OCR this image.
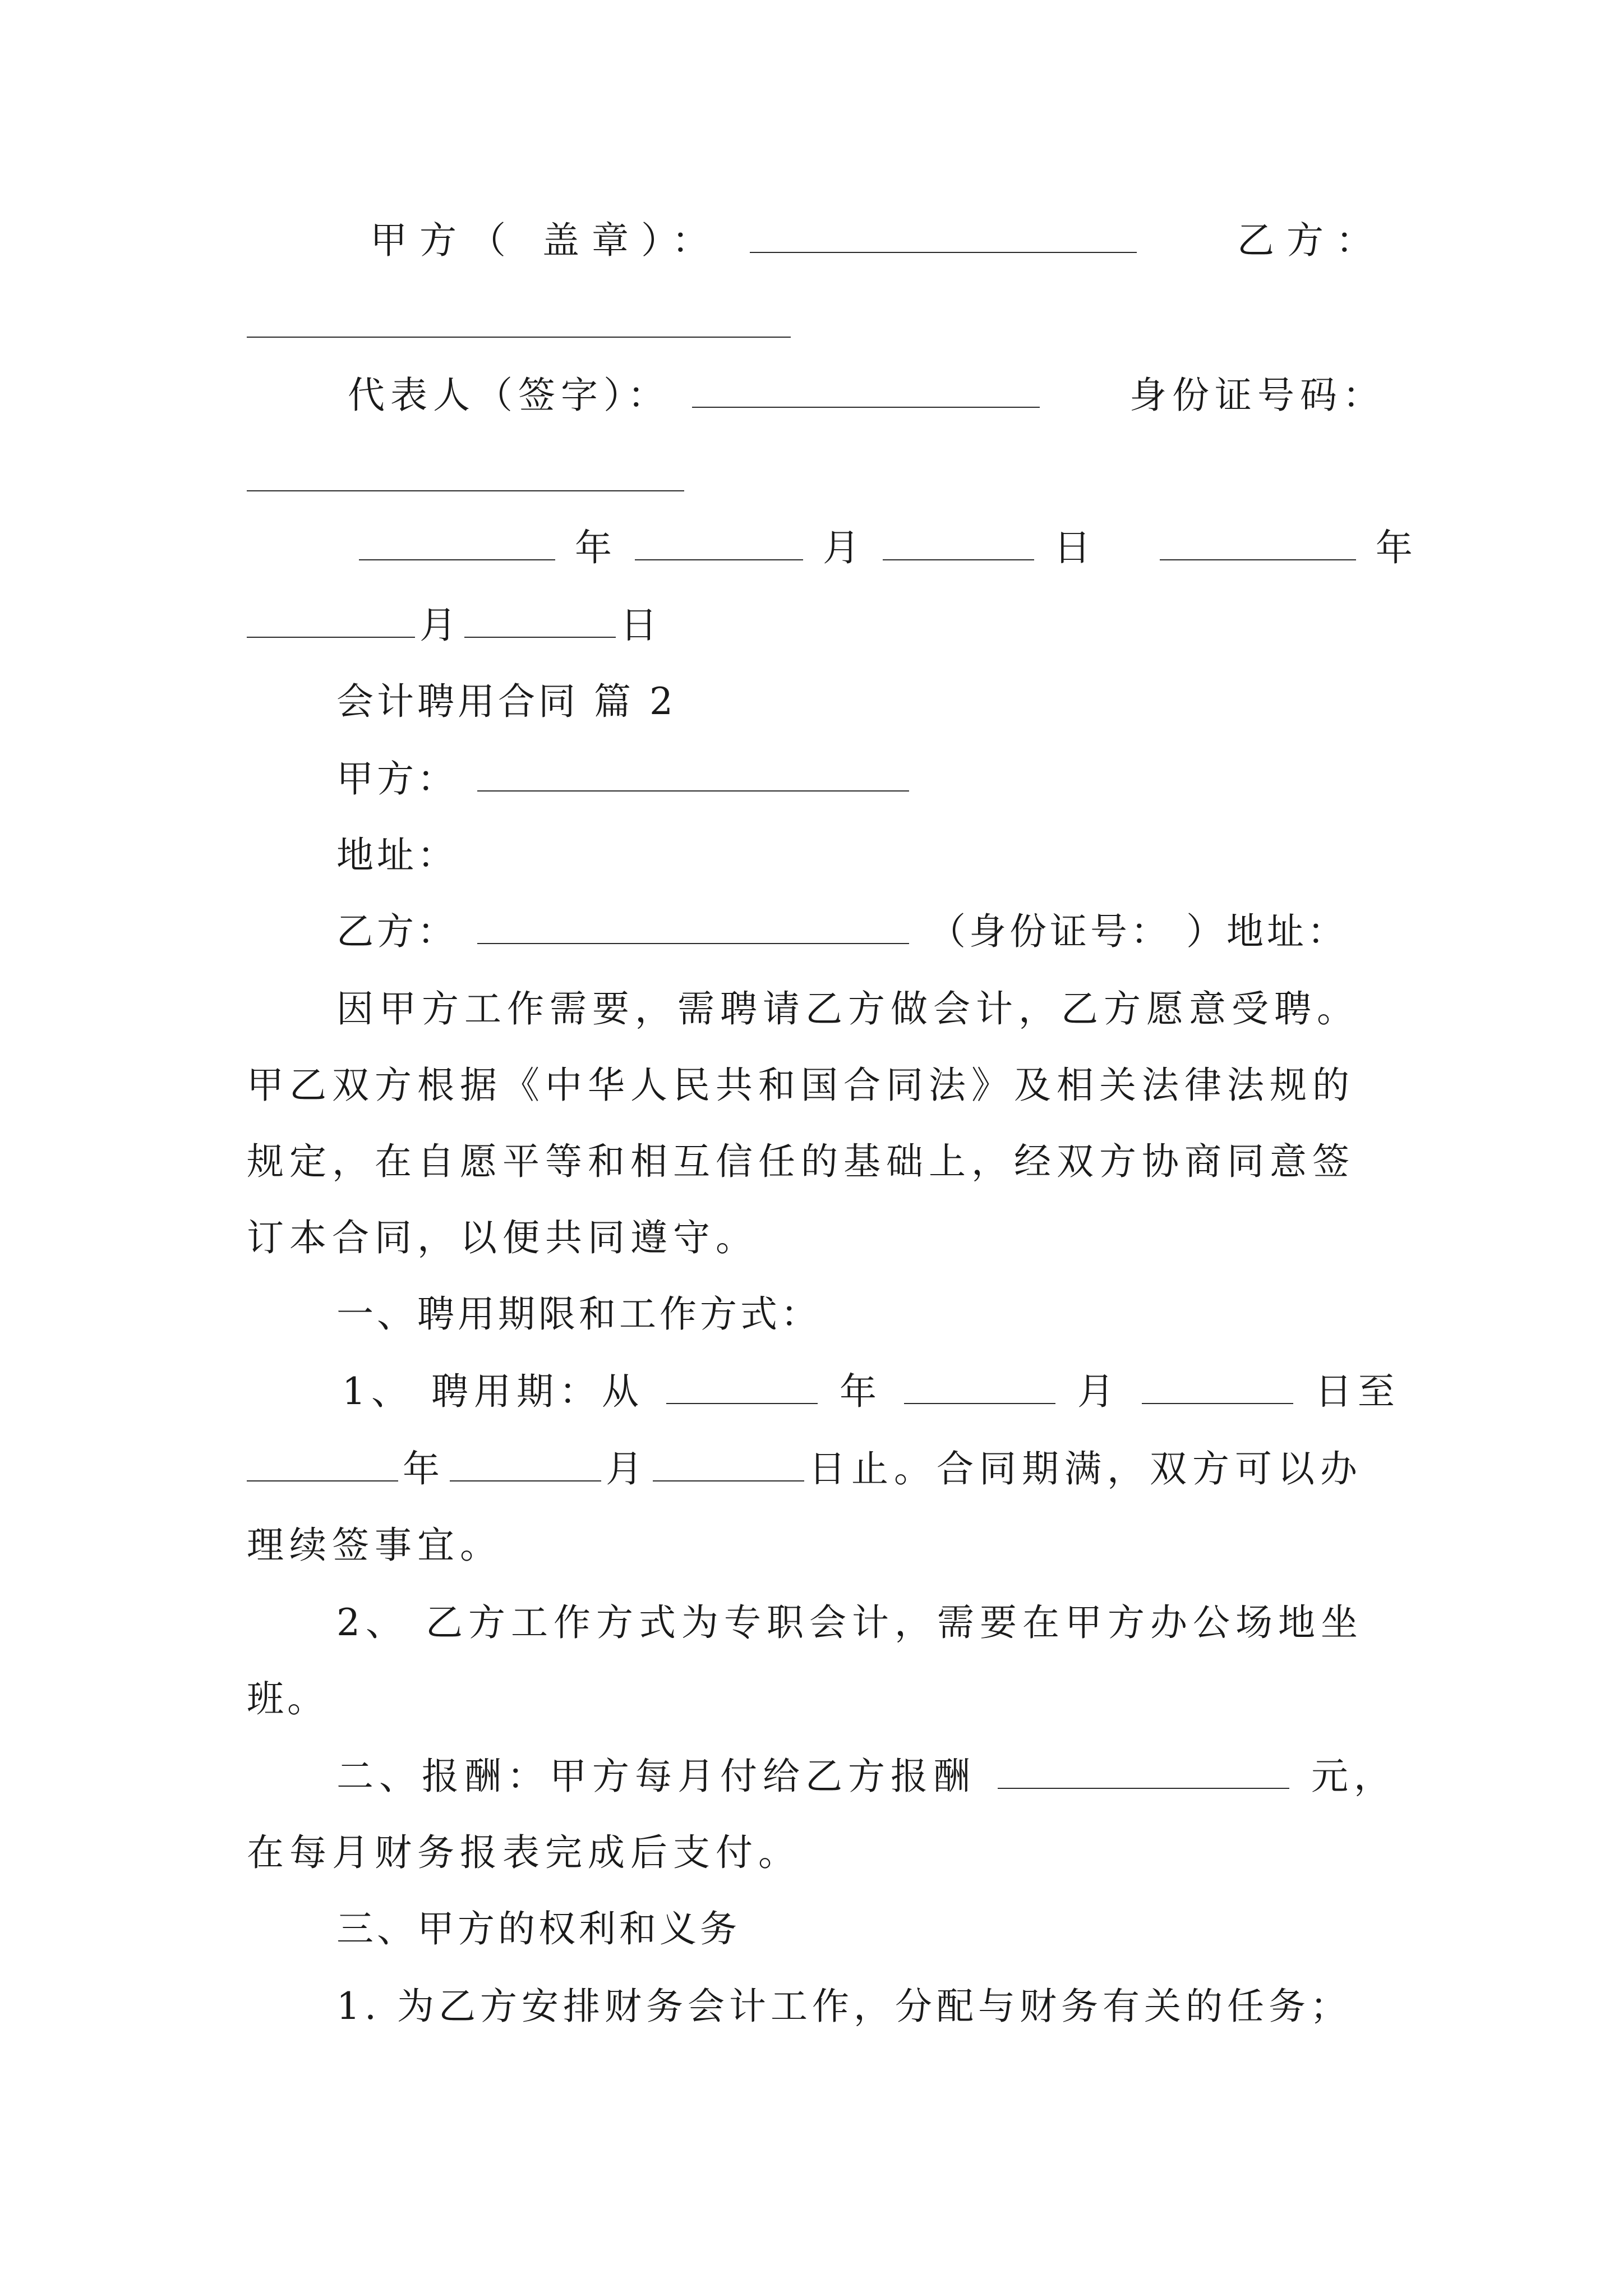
甲方（ 盖章）：	乙方：
代表人（签字）：	身份证号码：
年	月	日	年
月	日
会计聘用合同 篇 2
甲方：
地址：
乙方：	（身份证号： ）地址：
因甲方工作需要，需聘请乙方做会计，乙方愿意受聘。
甲乙双方根据《中华人民共和国合同法》及相关法律法规的
规定，在自愿平等和相互信任的基础上，经双方协商同意签
订本合同，以便共同遵守。
一、聘用期限和工作方式：
1、 聘用期：从	年	月	日至
年	月	日止。合同期满，双方可以办
理续签事宜。
2、 乙方工作方式为专职会计，需要在甲方办公场地坐
班。
二、报酬：甲方每月付给乙方报酬	元，
在每月财务报表完成后支付。
三、甲方的权利和义务
1. 为乙方安排财务会计工作，分配与财务有关的任务；
